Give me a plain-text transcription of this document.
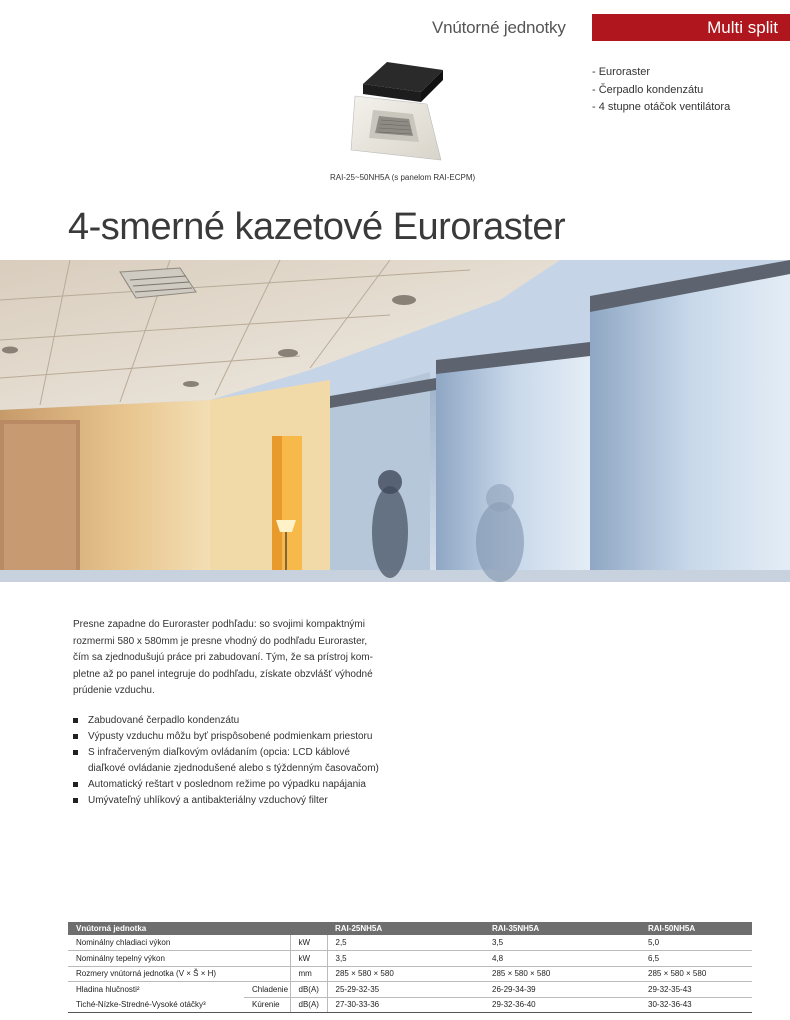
Vnútorné jednotky	Multi split
RAI-25~50NH5A (s panelom RAI-ECPM)
- Euroraster
- Čerpadlo kondenzátu
- 4 stupne otáčok ventilátora
4-smerné kazetové Euroraster
Presne zapadne do Euroraster podhľadu: so svojimi kompaktnými
rozmermi 580 x 580mm je presne vhodný do podhľadu Euroraster,
čím sa zjednodušujú práce pri zabudovaní. Tým, že sa prístroj kom-
pletne až po panel integruje do podhľadu, získate obzvlášť výhodné
prúdenie vzduchu.
Zabudované čerpadlo kondenzátu
Výpusty vzduchu môžu byť prispôsobené podmienkam priestoru
S infračerveným diaľkovým ovládaním (opcia: LCD káblové
diaľkové ovládanie zjednodušené alebo s týždenným časovačom)
Automatický reštart v poslednom režime po výpadku napájania
Umývateľný uhlíkový a antibakteriálny vzduchový filter
Vnútorná jednotka			RAI-25NH5A	RAI-35NH5A	RAI-50NH5A
Nominálny chladiaci výkon		kW	2,5	3,5	5,0
Nominálny tepelný výkon		kW	3,5	4,8	6,5
Rozmery vnútorná jednotka (V × Š × H)		mm	285 × 580 × 580	285 × 580 × 580	285 × 580 × 580
Hladina hlučnosti²	Chladenie	dB(A)	25-29-32-35	26-29-34-39	29-32-35-43
Tiché-Nízke-Stredné-Vysoké otáčky³	Kúrenie	dB(A)	27-30-33-36	29-32-36-40	30-32-36-43
